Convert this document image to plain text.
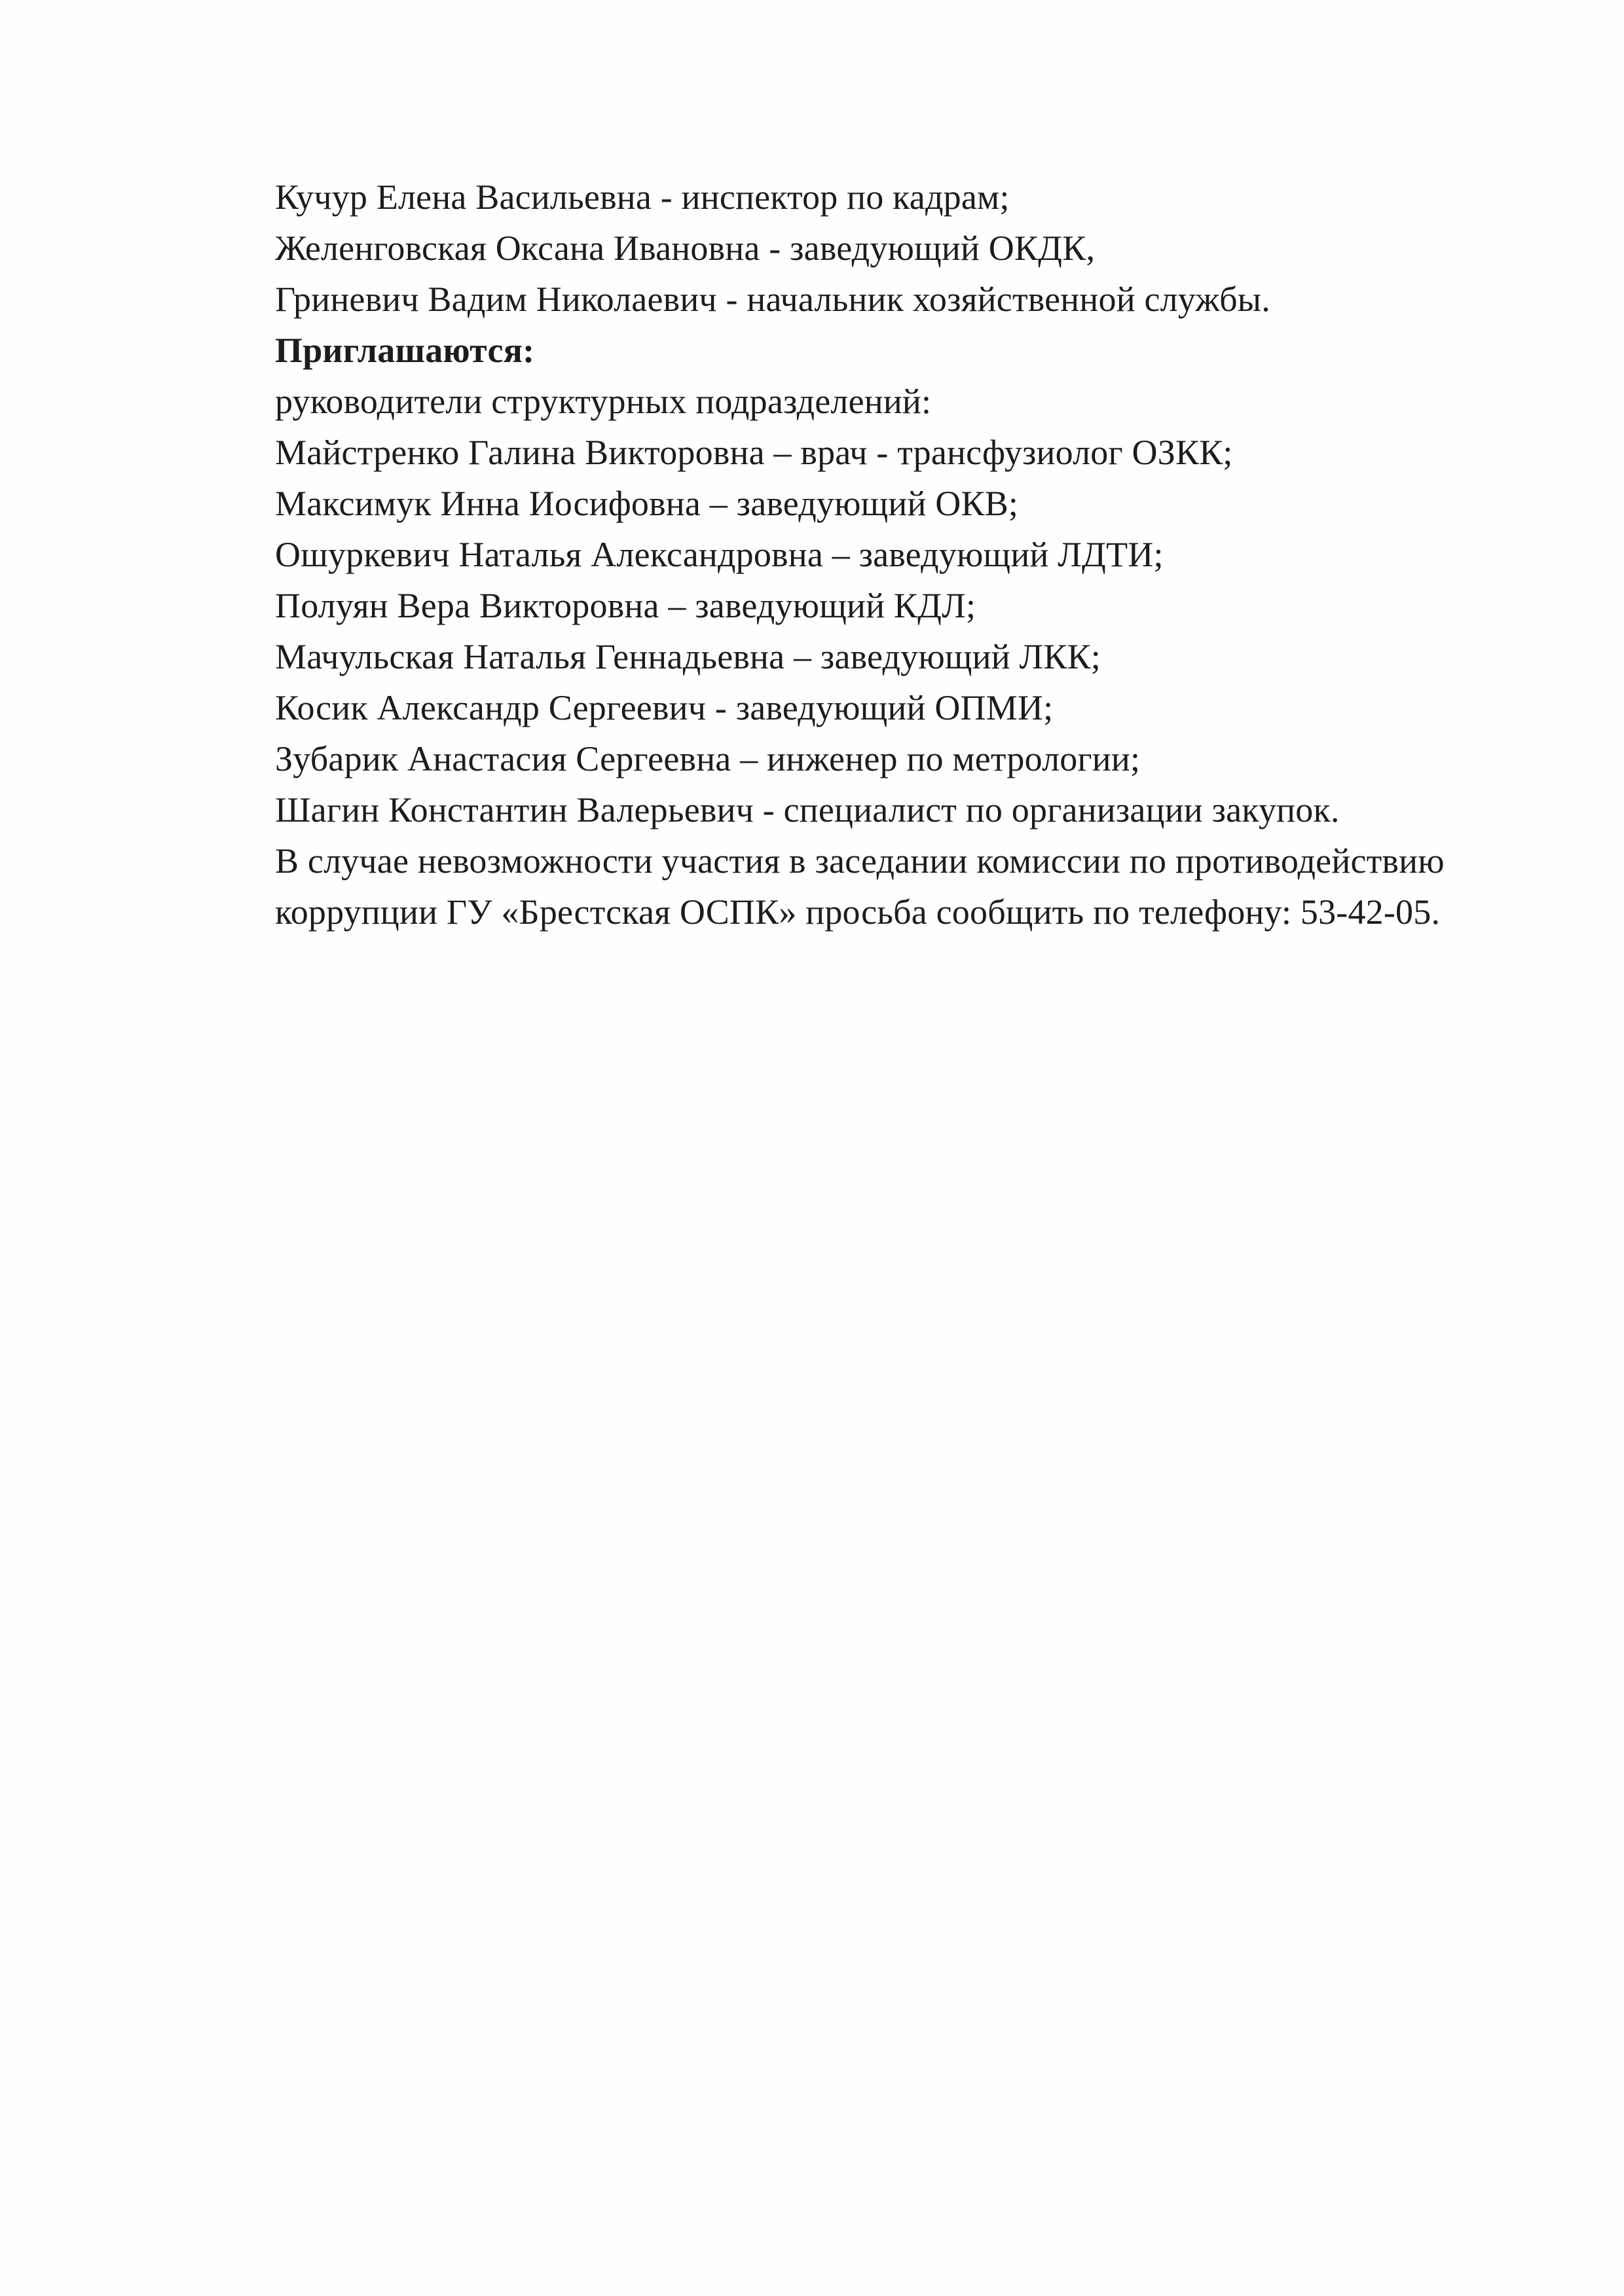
Кучур Елена Васильевна - инспектор по кадрам;

Желенговская Оксана Ивановна - заведующий ОКДК,

Гриневич Вадим Николаевич - начальник хозяйственной службы.

Приглашаются:

руководители структурных подразделений:

Майстренко Галина Викторовна – врач - трансфузиолог ОЗКК;

Максимук Инна Иосифовна – заведующий ОКВ;

Ошуркевич Наталья Александровна – заведующий ЛДТИ;

Полуян Вера Викторовна – заведующий КДЛ;

Мачульская Наталья Геннадьевна – заведующий ЛКК;

Косик Александр Сергеевич - заведующий ОПМИ;

Зубарик Анастасия Сергеевна – инженер по метрологии;

Шагин Константин Валерьевич - специалист по организации закупок.

В случае невозможности участия в заседании комиссии по противодействию

коррупции ГУ «Брестская ОСПК» просьба сообщить по телефону: 53-42-05.
